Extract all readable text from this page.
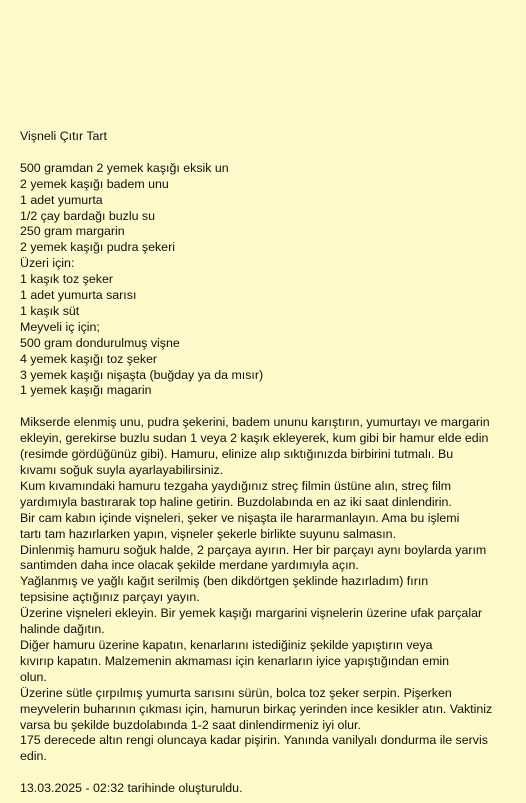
Vişneli Çıtır Tart
500 gramdan 2 yemek kaşığı eksik un
2 yemek kaşığı badem unu
1 adet yumurta
1/2 çay bardağı buzlu su
250 gram margarin
2 yemek kaşığı pudra şekeri
Üzeri için:
1 kaşık toz şeker
1 adet yumurta sarısı
1 kaşık süt
Meyveli iç için;
500 gram dondurulmuş vişne
4 yemek kaşığı toz şeker
3 yemek kaşığı nişaşta (buğday ya da mısır)
1 yemek kaşığı magarin
Mikserde elenmiş unu, pudra şekerini, badem ununu karıştırın, yumurtayı ve margarin
ekleyin, gerekirse buzlu sudan 1 veya 2 kaşık ekleyerek, kum gibi bir hamur elde edin
(resimde gördüğünüz gibi). Hamuru, elinize alıp sıktığınızda birbirini tutmalı. Bu
kıvamı soğuk suyla ayarlayabilirsiniz.
Kum kıvamındaki hamuru tezgaha yaydığınız streç filmin üstüne alın, streç film
yardımıyla bastırarak top haline getirin. Buzdolabında en az iki saat dinlendirin.
Bir cam kabın içinde vişneleri, şeker ve nişaşta ile hararmanlayın. Ama bu işlemi
tartı tam hazırlarken yapın, vişneler şekerle birlikte suyunu salmasın.
Dinlenmiş hamuru soğuk halde, 2 parçaya ayırın. Her bir parçayı aynı boylarda yarım
santimden daha ince olacak şekilde merdane yardımıyla açın.
Yağlanmış ve yağlı kağıt serilmiş (ben dikdörtgen şeklinde hazırladım) fırın
tepsisine açtığınız parçayı yayın.
Üzerine vişneleri ekleyin. Bir yemek kaşığı margarini vişnelerin üzerine ufak parçalar
halinde dağıtın.
Diğer hamuru üzerine kapatın, kenarlarını istediğiniz şekilde yapıştırın veya
kıvırıp kapatın. Malzemenin akmaması için kenarların iyice yapıştığından emin
olun.
Üzerine sütle çırpılmış yumurta sarısını sürün, bolca toz şeker serpin. Pişerken
meyvelerin buharının çıkması için, hamurun birkaç yerinden ince kesikler atın. Vaktiniz
varsa bu şekilde buzdolabında 1-2 saat dinlendirmeniz iyi olur.
175 derecede altın rengi oluncaya kadar pişirin. Yanında vanilyalı dondurma ile servis
edin.
13.03.2025 - 02:32 tarihinde oluşturuldu.
